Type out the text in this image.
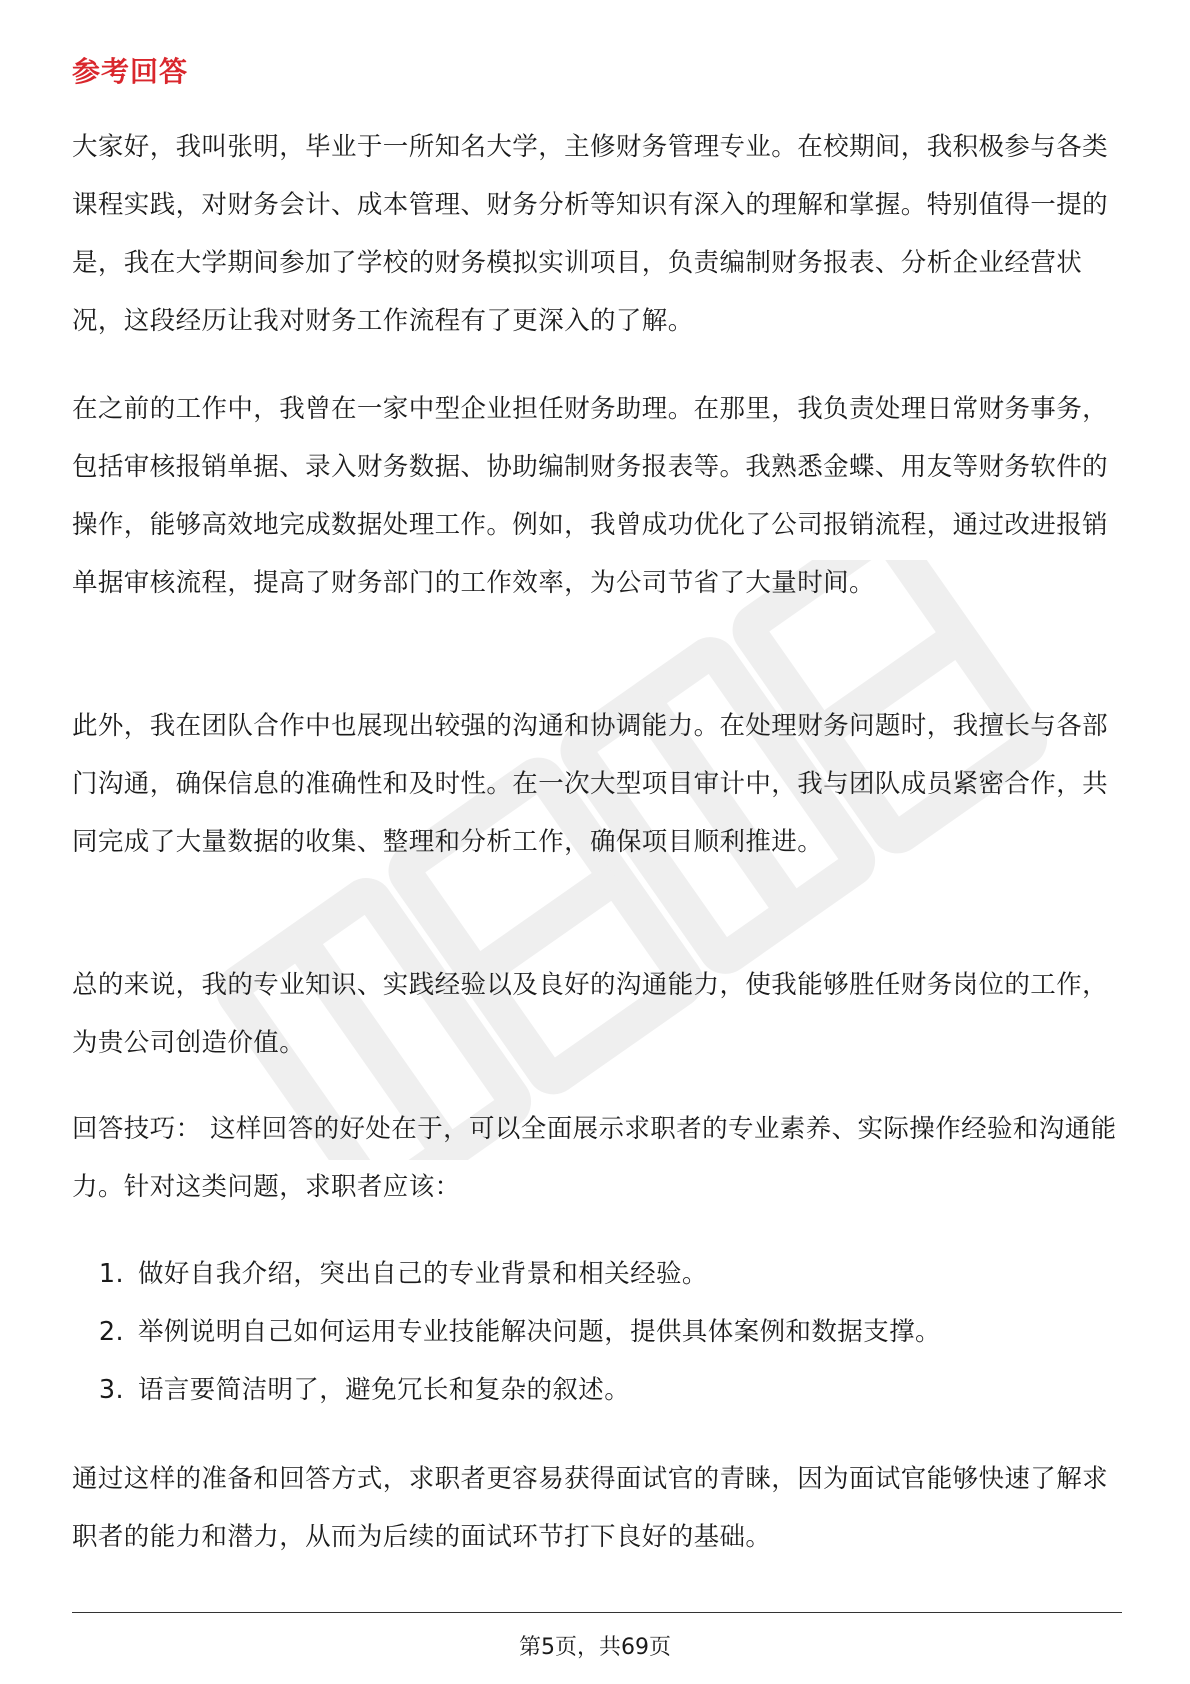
参考回答

大家好，我叫张明，毕业于一所知名大学，主修财务管理专业。在校期间，我积极参与各类课程实践，对财务会计、成本管理、财务分析等知识有深入的理解和掌握。特别值得一提的是，我在大学期间参加了学校的财务模拟实训项目，负责编制财务报表、分析企业经营状况，这段经历让我对财务工作流程有了更深入的了解。

在之前的工作中，我曾在一家中型企业担任财务助理。在那里，我负责处理日常财务事务，包括审核报销单据、录入财务数据、协助编制财务报表等。我熟悉金蝶、用友等财务软件的操作，能够高效地完成数据处理工作。例如，我曾成功优化了公司报销流程，通过改进报销单据审核流程，提高了财务部门的工作效率，为公司节省了大量时间。

此外，我在团队合作中也展现出较强的沟通和协调能力。在处理财务问题时，我擅长与各部门沟通，确保信息的准确性和及时性。在一次大型项目审计中，我与团队成员紧密合作，共同完成了大量数据的收集、整理和分析工作，确保项目顺利推进。

总的来说，我的专业知识、实践经验以及良好的沟通能力，使我能够胜任财务岗位的工作，为贵公司创造价值。

回答技巧： 这样回答的好处在于，可以全面展示求职者的专业素养、实际操作经验和沟通能力。针对这类问题，求职者应该：

1. 做好自我介绍，突出自己的专业背景和相关经验。
2. 举例说明自己如何运用专业技能解决问题，提供具体案例和数据支撑。
3. 语言要简洁明了，避免冗长和复杂的叙述。

通过这样的准备和回答方式，求职者更容易获得面试官的青睐，因为面试官能够快速了解求职者的能力和潜力，从而为后续的面试环节打下良好的基础。

第5页，共69页
